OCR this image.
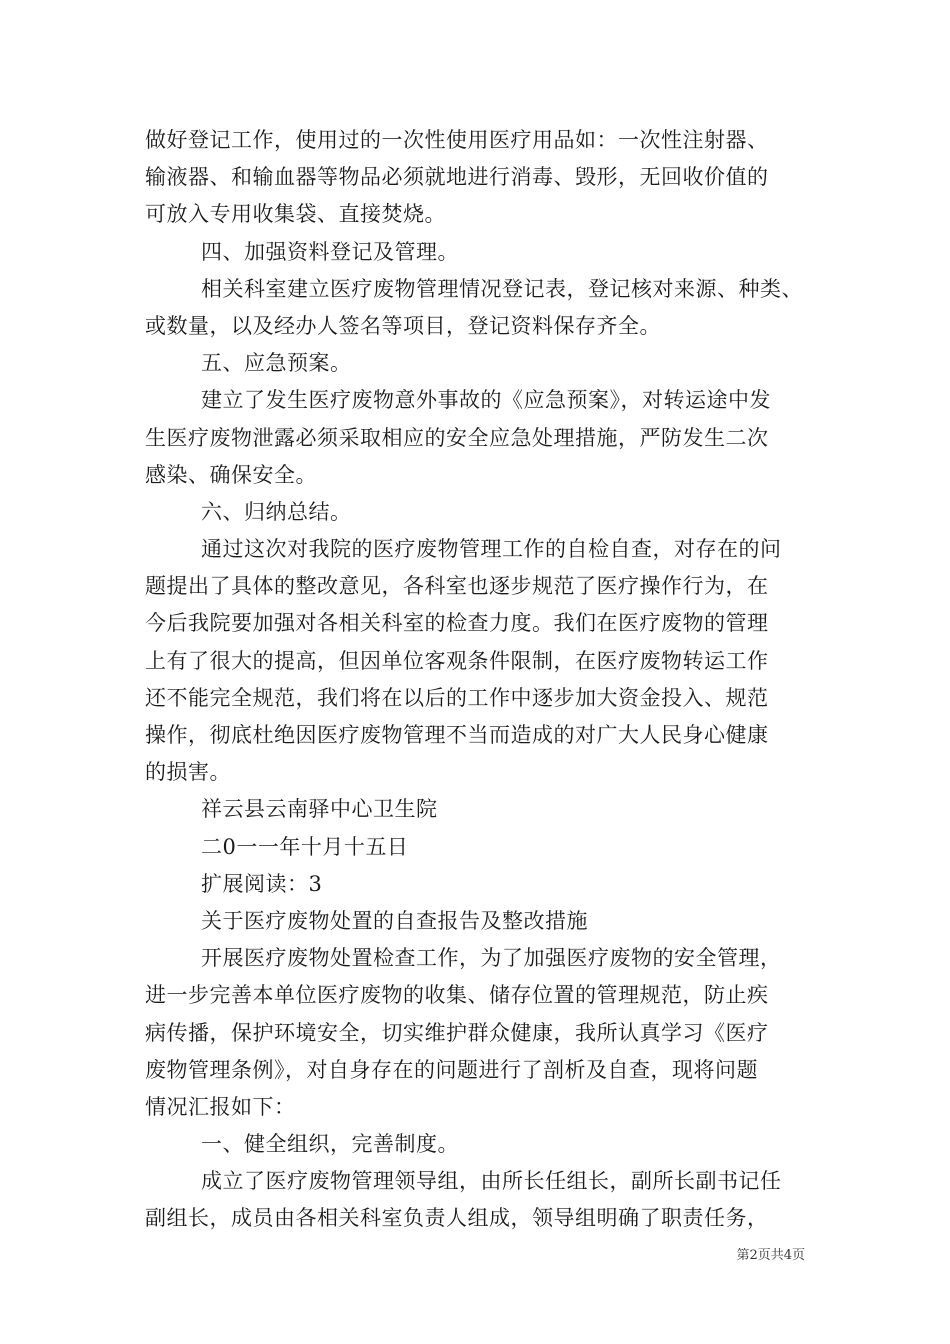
做好登记工作，使用过的一次性使用医疗用品如：一次性注射器、
输液器、和输血器等物品必须就地进行消毒、毁形，无回收价值的
可放入专用收集袋、直接焚烧。
四、加强资料登记及管理。
相关科室建立医疗废物管理情况登记表，登记核对来源、种类、
或数量，以及经办人签名等项目，登记资料保存齐全。
五、应急预案。
建立了发生医疗废物意外事故的《应急预案》，对转运途中发
生医疗废物泄露必须采取相应的安全应急处理措施，严防发生二次
感染、确保安全。
六、归纳总结。
通过这次对我院的医疗废物管理工作的自检自查，对存在的问
题提出了具体的整改意见，各科室也逐步规范了医疗操作行为，在
今后我院要加强对各相关科室的检查力度。我们在医疗废物的管理
上有了很大的提高，但因单位客观条件限制，在医疗废物转运工作
还不能完全规范，我们将在以后的工作中逐步加大资金投入、规范
操作，彻底杜绝因医疗废物管理不当而造成的对广大人民身心健康
的损害。
祥云县云南驿中心卫生院
二0一一年十月十五日
扩展阅读：3
关于医疗废物处置的自查报告及整改措施
开展医疗废物处置检查工作，为了加强医疗废物的安全管理，
进一步完善本单位医疗废物的收集、储存位置的管理规范，防止疾
病传播，保护环境安全，切实维护群众健康，我所认真学习《医疗
废物管理条例》，对自身存在的问题进行了剖析及自查，现将问题
情况汇报如下：
一、健全组织，完善制度。
成立了医疗废物管理领导组，由所长任组长，副所长副书记任
副组长，成员由各相关科室负责人组成，领导组明确了职责任务，
第2页共4页
